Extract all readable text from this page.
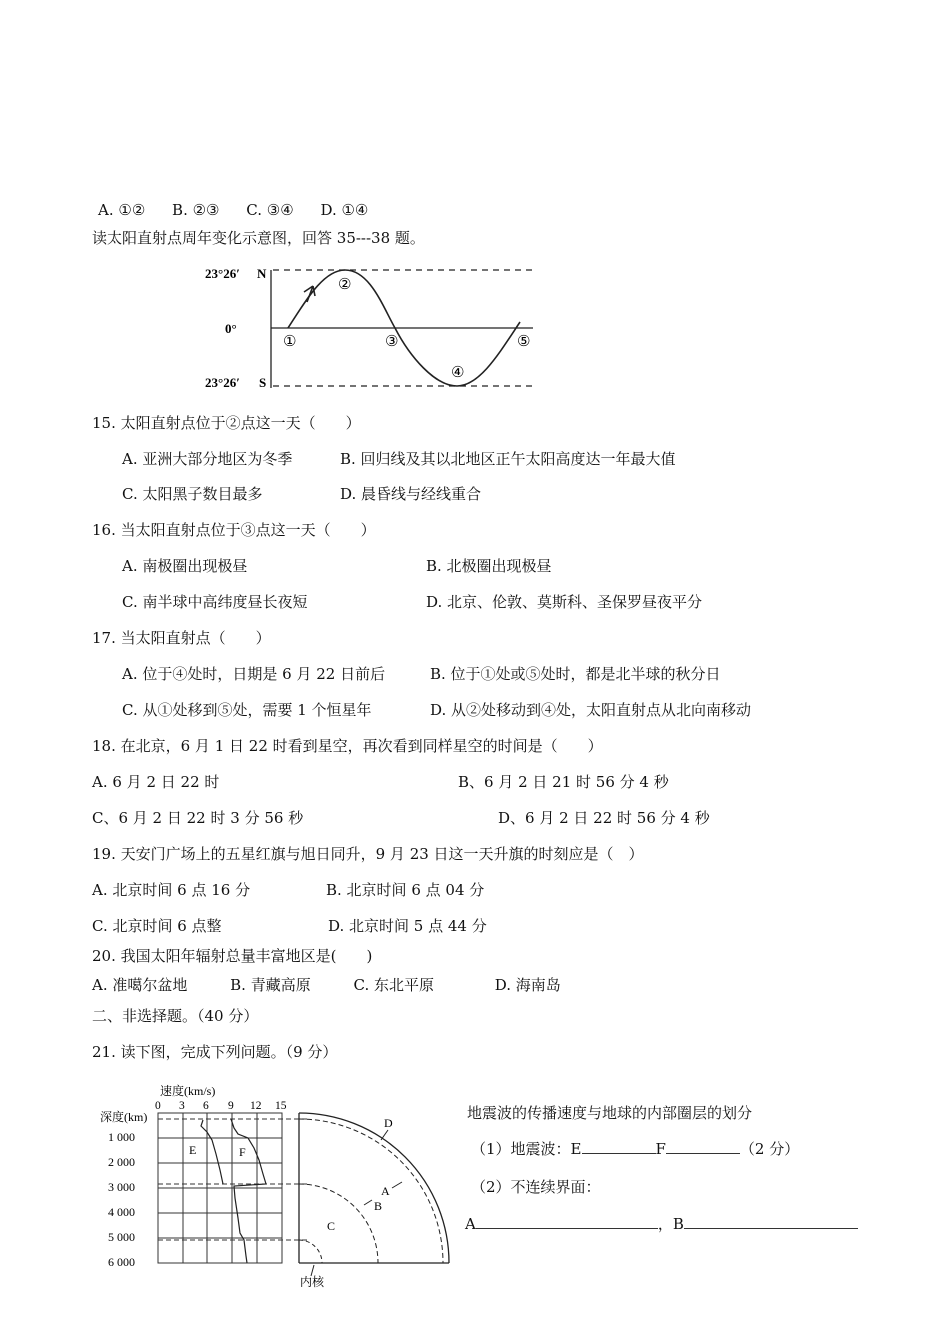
A. ①② B. ②③ C. ③④ D. ①④
读太阳直射点周年变化示意图，回答 35---38 题。
23°26′ N
0°
23°26′ S
①
②
③
④
⑤
15. 太阳直射点位于②点这一天（　　）
A. 亚洲大部分地区为冬季	B. 回归线及其以北地区正午太阳高度达一年最大值
C. 太阳黑子数目最多	D. 晨昏线与经线重合
16. 当太阳直射点位于③点这一天（　　）
A. 南极圈出现极昼	B. 北极圈出现极昼
C. 南半球中高纬度昼长夜短	D. 北京、伦敦、莫斯科、圣保罗昼夜平分
17. 当太阳直射点（　　）
A. 位于④处时，日期是 6 月 22 日前后	B. 位于①处或⑤处时，都是北半球的秋分日
C. 从①处移到⑤处，需要 1 个恒星年	D. 从②处移动到④处，太阳直射点从北向南移动
18. 在北京，6 月 1 日 22 时看到星空，再次看到同样星空的时间是（　　）
A. 6 月 2 日 22 时	B、6 月 2 日 21 时 56 分 4 秒
C、6 月 2 日 22 时 3 分 56 秒	D、6 月 2 日 22 时 56 分 4 秒
19. 天安门广场上的五星红旗与旭日同升，9 月 23 日这一天升旗的时刻应是（　）
A. 北京时间 6 点 16 分	B. 北京时间 6 点 04 分
C. 北京时间 6 点整	D. 北京时间 5 点 44 分
20. 我国太阳年辐射总量丰富地区是(　　)
A. 准噶尔盆地	B. 青藏高原	C. 东北平原	D. 海南岛
二、非选择题。（40 分）
21. 读下图，完成下列问题。（9 分）
速度(km/s)
0 3 6 9 12 15
深度(km)
1 000
2 000
3 000
4 000
5 000
6 000
E	F
D
A
B
C
内核
地震波的传播速度与地球的内部圈层的划分
（1）地震波：E	F	（2 分）
（2）不连续界面：
A	，B
